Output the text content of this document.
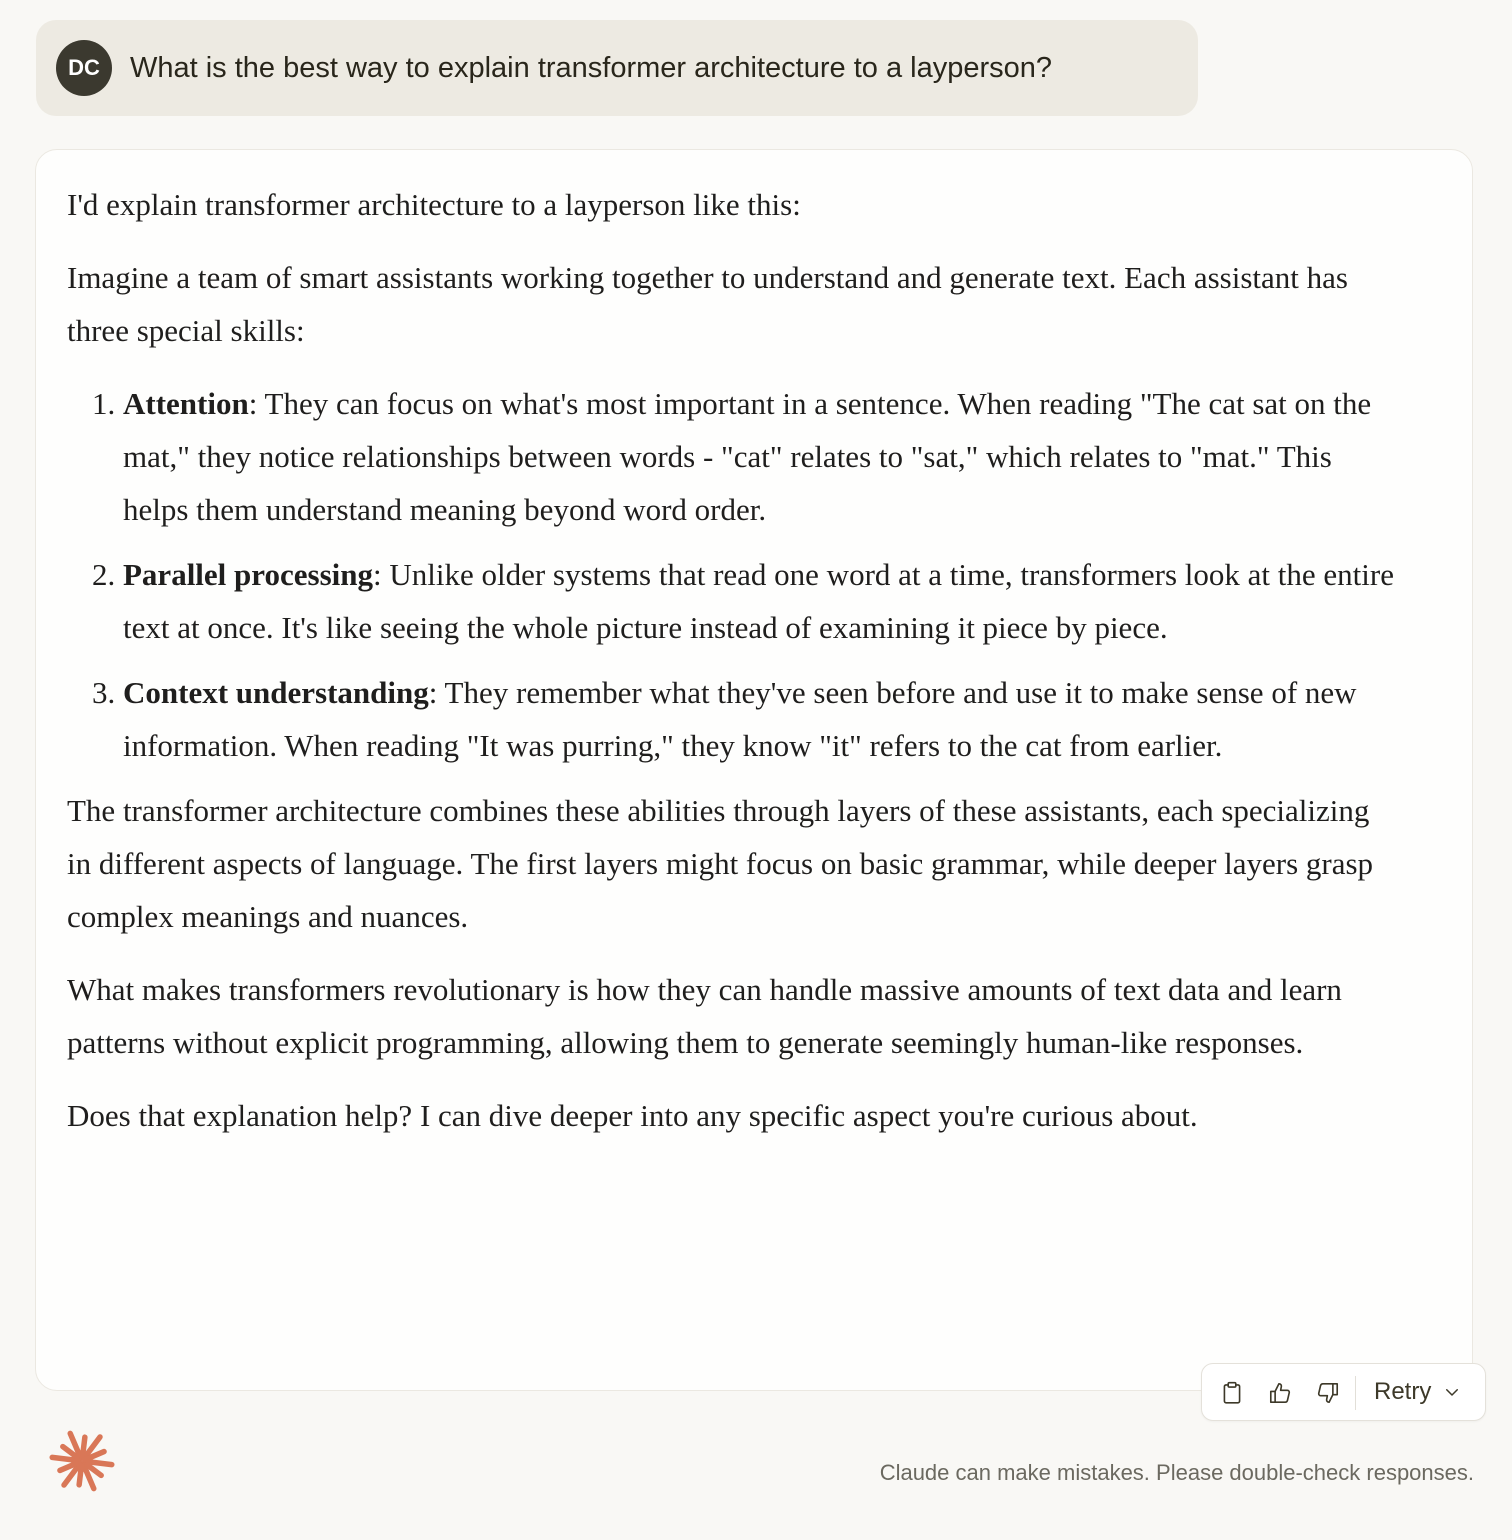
DC	What is the best way to explain transformer architecture to a layperson?

I'd explain transformer architecture to a layperson like this:

Imagine a team of smart assistants working together to understand and generate text. Each assistant has three special skills:

1. Attention: They can focus on what's most important in a sentence. When reading "The cat sat on the mat," they notice relationships between words - "cat" relates to "sat," which relates to "mat." This helps them understand meaning beyond word order.
2. Parallel processing: Unlike older systems that read one word at a time, transformers look at the entire text at once. It's like seeing the whole picture instead of examining it piece by piece.
3. Context understanding: They remember what they've seen before and use it to make sense of new information. When reading "It was purring," they know "it" refers to the cat from earlier.

The transformer architecture combines these abilities through layers of these assistants, each specializing in different aspects of language. The first layers might focus on basic grammar, while deeper layers grasp complex meanings and nuances.

What makes transformers revolutionary is how they can handle massive amounts of text data and learn patterns without explicit programming, allowing them to generate seemingly human-like responses.

Does that explanation help? I can dive deeper into any specific aspect you're curious about.

Retry
Claude can make mistakes. Please double-check responses.
